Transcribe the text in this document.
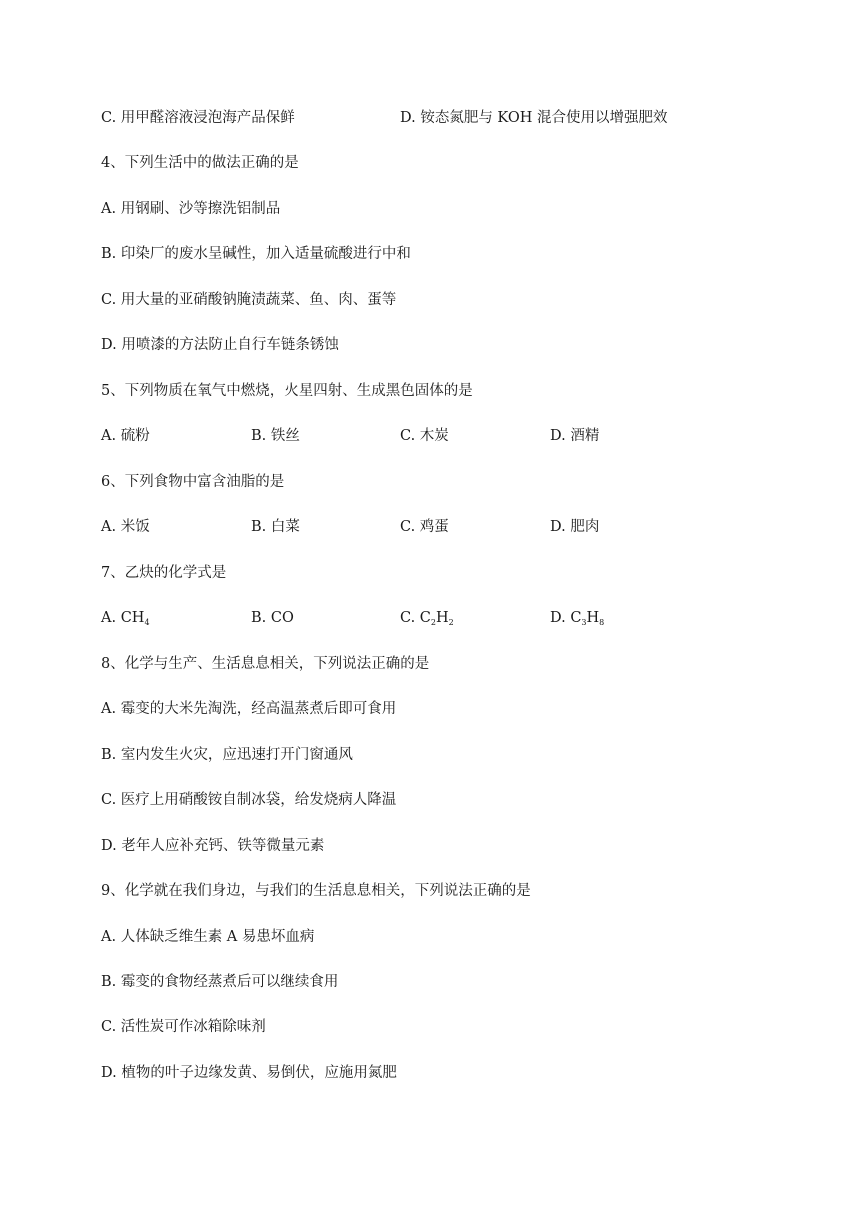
C. 用甲醛溶液浸泡海产品保鲜	D. 铵态氮肥与 KOH 混合使用以增强肥效
4、下列生活中的做法正确的是
A. 用钢刷、沙等擦洗铝制品
B. 印染厂的废水呈碱性，加入适量硫酸进行中和
C. 用大量的亚硝酸钠腌渍蔬菜、鱼、肉、蛋等
D. 用喷漆的方法防止自行车链条锈蚀
5、下列物质在氧气中燃烧，火星四射、生成黑色固体的是
A. 硫粉	B. 铁丝	C. 木炭	D. 酒精
6、下列食物中富含油脂的是
A. 米饭	B. 白菜	C. 鸡蛋	D. 肥肉
7、乙炔的化学式是
A. $CH_4$	B. CO	C. $C_2H_2$	D. $C_3H_8$
8、化学与生产、生活息息相关，下列说法正确的是
A. 霉变的大米先淘洗，经高温蒸煮后即可食用
B. 室内发生火灾，应迅速打开门窗通风
C. 医疗上用硝酸铵自制冰袋，给发烧病人降温
D. 老年人应补充钙、铁等微量元素
9、化学就在我们身边，与我们的生活息息相关，下列说法正确的是
A. 人体缺乏维生素 A 易患坏血病
B. 霉变的食物经蒸煮后可以继续食用
C. 活性炭可作冰箱除味剂
D. 植物的叶子边缘发黄、易倒伏，应施用氮肥
